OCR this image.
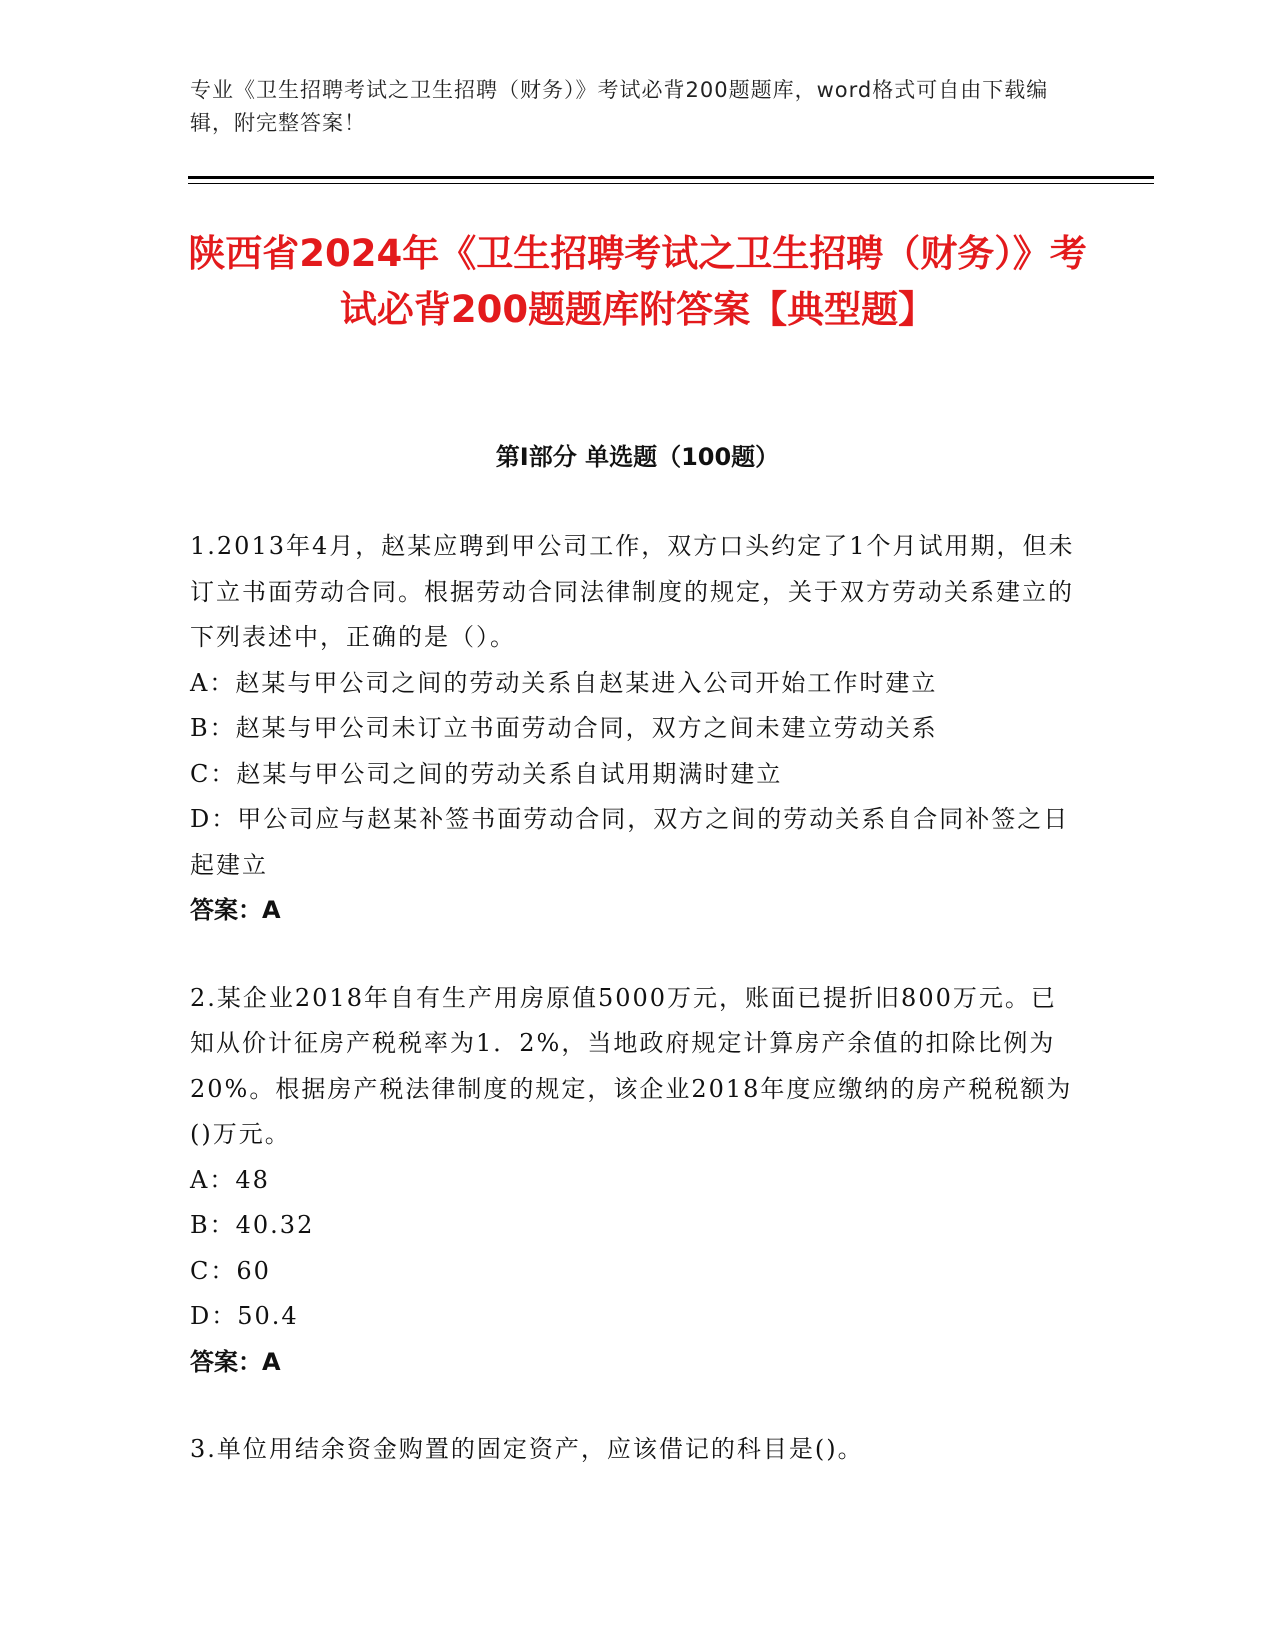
专业《卫生招聘考试之卫生招聘（财务）》考试必背200题题库，word格式可自由下载编辑，附完整答案！
陕西省2024年《卫生招聘考试之卫生招聘（财务）》考试必背200题题库附答案【典型题】
第I部分 单选题（100题）

1.2013年4月，赵某应聘到甲公司工作，双方口头约定了1个月试用期，但未订立书面劳动合同。根据劳动合同法律制度的规定，关于双方劳动关系建立的下列表述中，正确的是（）。

A：赵某与甲公司之间的劳动关系自赵某进入公司开始工作时建立

B：赵某与甲公司未订立书面劳动合同，双方之间未建立劳动关系

C：赵某与甲公司之间的劳动关系自试用期满时建立

D：甲公司应与赵某补签书面劳动合同，双方之间的劳动关系自合同补签之日起建立

答案：A

2.某企业2018年自有生产用房原值5000万元，账面已提折旧800万元。已知从价计征房产税税率为1．2%，当地政府规定计算房产余值的扣除比例为20%。根据房产税法律制度的规定，该企业2018年度应缴纳的房产税税额为()万元。

A：48

B：40.32

C：60

D：50.4

答案：A

3.单位用结余资金购置的固定资产，应该借记的科目是()。
